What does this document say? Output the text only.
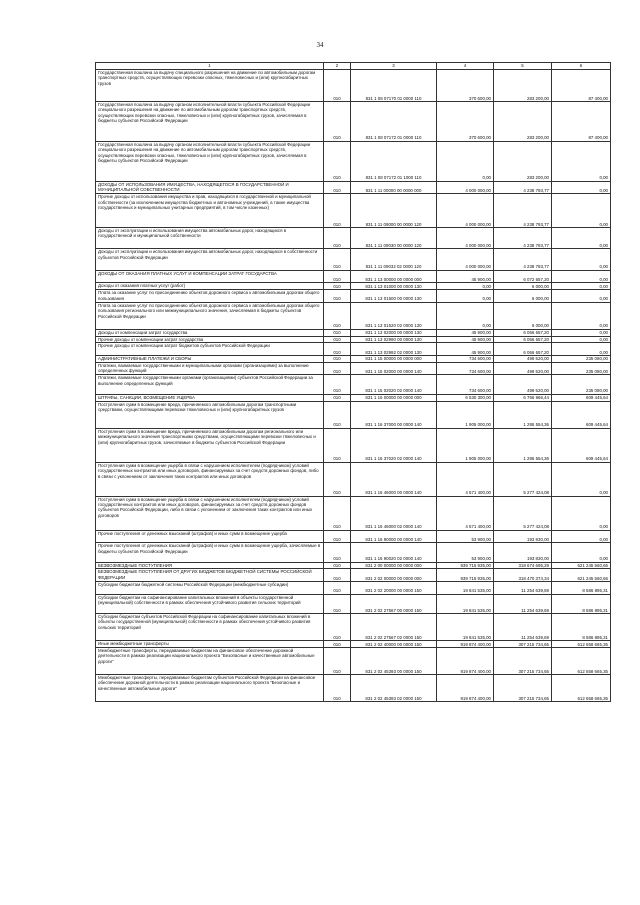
34
1	2	3	4	5	6
Государственная пошлина за выдачу специального разрешения на движение по автомобильным дорогам транспортных средств, осуществляющих перевозки опасных, тяжеловесных и (или) крупногабаритных грузов	010	831 1 08 07170 01 0000 110	370 600,00	283 200,00	87 400,00
Государственная пошлина за выдачу органом исполнительной власти субъекта Российской Федерации специального разрешения на движение по автомобильным дорогам транспортных средств, осуществляющих перевозки опасных, тяжеловесных и (или) крупногабаритных грузов, зачисляемая в бюджеты субъектов Российской Федерации	010	831 1 08 07172 01 0000 110	370 600,00	283 200,00	87 400,00
Государственная пошлина за выдачу органом исполнительной власти субъекта Российской Федерации специального разрешения на движение по автомобильным дорогам транспортных средств, осуществляющих перевозки опасных, тяжеловесных и (или) крупногабаритных грузов, зачисляемая в бюджеты субъектов Российской Федерации	010	831 1 08 07172 01 1000 110	0,00	283 200,00	0,00
ДОХОДЫ ОТ ИСПОЛЬЗОВАНИЯ ИМУЩЕСТВА, НАХОДЯЩЕГОСЯ В ГОСУДАРСТВЕННОЙ И МУНИЦИПАЛЬНОЙ СОБСТВЕННОСТИ	010	831 1 11 00000 00 0000 000	4 000 000,00	4 238 793,77	0,00
Прочие доходы от использования имущества и прав, находящихся в государственной и муниципальной собственности (за исключением имущества бюджетных и автономных учреждений, а также имущества государственных и муниципальных унитарных предприятий, в том числе казенных)	010	831 1 11 09000 00 0000 120	4 000 000,00	4 238 793,77	0,00
Доходы от эксплуатации и использования имущества автомобильных дорог, находящихся в государственной и муниципальной собственности	010	831 1 11 09030 00 0000 120	4 000 000,00	4 238 793,77	0,00
Доходы от эксплуатации и использования имущества автомобильных дорог, находящихся в собственности субъектов Российской Федерации	010	831 1 11 09032 02 0000 120	4 000 000,00	4 238 793,77	0,00
ДОХОДЫ ОТ ОКАЗАНИЯ ПЛАТНЫХ УСЛУГ И КОМПЕНСАЦИИ ЗАТРАТ ГОСУДАРСТВА	010	831 1 13 00000 00 0000 000	45 900,00	6 072 657,20	0,00
Доходы от оказания платных услуг (работ)	010	831 1 13 01000 00 0000 130	0,00	6 000,00	0,00
Плата за оказание услуг по присоединению объектов дорожного сервиса к автомобильным дорогам общего пользования	010	831 1 13 01500 00 0000 130	0,00	6 000,00	0,00
Плата за оказание услуг по присоединению объектов дорожного сервиса к автомобильным дорогам общего пользования регионального или межмуниципального значения, зачисляемая в бюджеты субъектов Российской Федерации	010	831 1 13 01520 02 0000 130	0,00	6 000,00	0,00
Доходы от компенсации затрат государства	010	831 1 13 02000 00 0000 130	45 900,00	6 066 657,20	0,00
Прочие доходы от компенсации затрат государства	010	831 1 13 02990 00 0000 130	45 900,00	6 066 657,20	0,00
Прочие доходы от компенсации затрат бюджетов субъектов Российской Федерации	010	831 1 13 02992 02 0000 130	45 900,00	6 066 657,20	0,00
АДМИНИСТРАТИВНЫЕ ПЛАТЕЖИ И СБОРЫ	010	831 1 15 00000 00 0000 000	734 600,00	499 520,00	235 080,00
Платежи, взимаемые государственными и муниципальными органами (организациями) за выполнение определенных функций	010	831 1 15 02000 00 0000 140	734 600,00	499 520,00	235 080,00
Платежи, взимаемые государственными органами (организациями) субъектов Российской Федерации за выполнение определенных функций	010	831 1 15 02020 02 0000 140	734 600,00	499 520,00	235 080,00
ШТРАФЫ, САНКЦИИ, ВОЗМЕЩЕНИЕ УЩЕРБА	010	831 1 16 00000 00 0000 000	6 530 300,00	6 766 966,44	609 445,64
Поступления сумм в возмещение вреда, причиняемого автомобильным дорогам транспортными средствами, осуществляющими перевозки тяжеловесных и (или) крупногабаритных грузов	010	831 1 16 37000 00 0000 140	1 905 000,00	1 295 554,36	609 445,64
Поступления сумм в возмещение вреда, причиняемого автомобильным дорогам регионального или межмуниципального значения транспортными средствами, осуществляющими перевозки тяжеловесных и (или) крупногабаритных грузов, зачисляемые в бюджеты субъектов Российской Федерации	010	831 1 16 37020 02 0000 140	1 905 000,00	1 295 554,36	609 445,64
Поступления сумм в возмещение ущерба в связи с нарушением исполнителем (подрядчиком) условий государственных контрактов или иных договоров, финансируемых за счет средств дорожных фондов, либо в связи с уклонением от заключения таких контрактов или иных договоров	010	831 1 16 46000 00 0000 140	4 571 400,00	5 277 424,08	0,00
Поступления сумм в возмещение ущерба в связи с нарушением исполнителем (подрядчиком) условий государственных контрактов или иных договоров, финансируемых за счет средств дорожных фондов субъектов Российской Федерации, либо в связи с уклонением от заключения таких контрактов или иных договоров	010	831 1 16 46000 02 0000 140	4 571 400,00	5 277 424,08	0,00
Прочие поступления от денежных взысканий (штрафов) и иных сумм в возмещение ущерба	010	831 1 16 90000 00 0000 140	53 900,00	193 830,00	0,00
Прочие поступления от денежных взысканий (штрафов) и иных сумм в возмещение ущерба, зачисляемые в бюджеты субъектов Российской Федерации	010	831 1 16 90020 02 0000 140	53 900,00	193 830,00	0,00
БЕЗВОЗМЕЗДНЫЕ ПОСТУПЛЕНИЯ	010	831 2 00 00000 00 0000 000	939 715 935,00	318 674 695,29	621 245 560,66
БЕЗВОЗМЕЗДНЫЕ ПОСТУПЛЕНИЯ ОТ ДРУГИХ БЮДЖЕТОВ БЮДЖЕТНОЙ СИСТЕМЫ РОССИЙСКОЙ ФЕДЕРАЦИИ	010	831 2 02 00000 00 0000 000	939 715 935,00	318 470 374,34	621 245 560,66
Субсидии бюджетам бюджетной системы Российской Федерации (межбюджетные субсидии)	010	831 2 02 20000 00 0000 150	19 841 535,00	11 254 639,69	8 586 895,31
Субсидии бюджетам на софинансирование капитальных вложений в объекты государственной (муниципальной) собственности в рамках обеспечения устойчивого развития сельских территорий	010	831 2 02 27567 00 0000 150	19 841 535,00	11 254 639,69	8 586 895,31
Субсидии бюджетам субъектов Российской Федерации на софинансирование капитальных вложений в объекты государственной (муниципальной) собственности в рамках обеспечения устойчивого развития сельских территорий	010	831 2 02 27567 02 0000 150	19 841 535,00	11 254 639,69	8 586 895,31
Иные межбюджетные трансферты	010	831 2 02 40000 00 0000 150	919 874 400,00	307 215 734,65	612 658 665,35
Межбюджетные трансферты, передаваемые бюджетам на финансовое обеспечение дорожной деятельности в рамках реализации национального проекта "Безопасные и качественные автомобильные дороги"	010	831 2 02 45393 00 0000 150	919 874 400,00	307 215 734,65	612 658 665,35
Межбюджетные трансферты, передаваемые бюджетам субъектов Российской Федерации на финансовое обеспечение дорожной деятельности в рамках реализации национального проекта "Безопасные и качественные автомобильные дороги"	010	831 2 02 45393 02 0000 150	919 874 400,00	307 215 734,65	612 658 665,35
